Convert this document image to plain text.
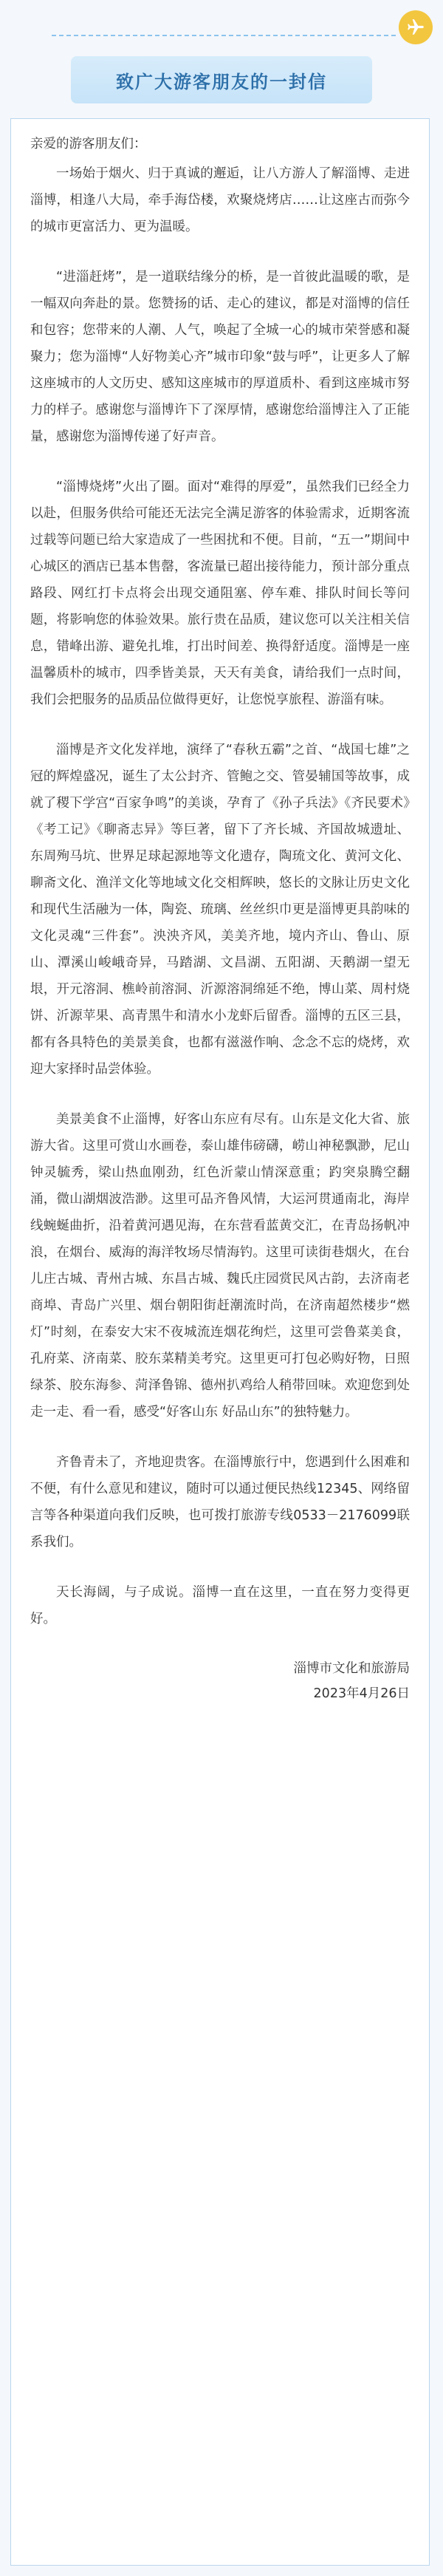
致广大游客朋友的一封信

亲爱的游客朋友们：

一场始于烟火、归于真诚的邂逅，让八方游人了解淄博、走进淄博，相逢八大局，牵手海岱楼，欢聚烧烤店……让这座古而弥今的城市更富活力、更为温暖。

“进淄赶烤”，是一道联结缘分的桥，是一首彼此温暖的歌，是一幅双向奔赴的景。您赞扬的话、走心的建议，都是对淄博的信任和包容；您带来的人潮、人气，唤起了全城一心的城市荣誉感和凝聚力；您为淄博“人好物美心齐”城市印象“鼓与呼”，让更多人了解这座城市的人文历史、感知这座城市的厚道质朴、看到这座城市努力的样子。感谢您与淄博许下了深厚情，感谢您给淄博注入了正能量，感谢您为淄博传递了好声音。

“淄博烧烤”火出了圈。面对“难得的厚爱”，虽然我们已经全力以赴，但服务供给可能还无法完全满足游客的体验需求，近期客流过载等问题已给大家造成了一些困扰和不便。目前，“五一”期间中心城区的酒店已基本售罄，客流量已超出接待能力，预计部分重点路段、网红打卡点将会出现交通阻塞、停车难、排队时间长等问题，将影响您的体验效果。旅行贵在品质，建议您可以关注相关信息，错峰出游、避免扎堆，打出时间差、换得舒适度。淄博是一座温馨质朴的城市，四季皆美景，天天有美食，请给我们一点时间，我们会把服务的品质品位做得更好，让您悦享旅程、游淄有味。

淄博是齐文化发祥地，演绎了“春秋五霸”之首、“战国七雄”之冠的辉煌盛况，诞生了太公封齐、管鲍之交、管晏辅国等故事，成就了稷下学宫“百家争鸣”的美谈，孕育了《孙子兵法》《齐民要术》《考工记》《聊斋志异》等巨著，留下了齐长城、齐国故城遗址、东周殉马坑、世界足球起源地等文化遗存，陶琉文化、黄河文化、聊斋文化、渔洋文化等地域文化交相辉映，悠长的文脉让历史文化和现代生活融为一体，陶瓷、琉璃、丝丝织巾更是淄博更具韵味的文化灵魂“三件套”。泱泱齐风，美美齐地，境内齐山、鲁山、原山、潭溪山峻峨奇异，马踏湖、文昌湖、五阳湖、天鹅湖一望无垠，开元溶洞、樵岭前溶洞、沂源溶洞绵延不绝，博山菜、周村烧饼、沂源苹果、高青黑牛和清水小龙虾后留香。淄博的五区三县，都有各具特色的美景美食，也都有滋滋作响、念念不忘的烧烤，欢迎大家择时品尝体验。

美景美食不止淄博，好客山东应有尽有。山东是文化大省、旅游大省。这里可赏山水画卷，泰山雄伟磅礴，崂山神秘飘渺，尼山钟灵毓秀，梁山热血刚劲，红色沂蒙山情深意重；趵突泉腾空翻涌，微山湖烟波浩渺。这里可品齐鲁风情，大运河贯通南北，海岸线蜿蜒曲折，沿着黄河遇见海，在东营看蓝黄交汇，在青岛扬帆冲浪，在烟台、威海的海洋牧场尽情海钓。这里可读街巷烟火，在台儿庄古城、青州古城、东昌古城、魏氏庄园赏民风古韵，去济南老商埠、青岛广兴里、烟台朝阳街赶潮流时尚，在济南超然楼步“燃灯”时刻，在泰安大宋不夜城流连烟花绚烂，这里可尝鲁菜美食，孔府菜、济南菜、胶东菜精美考究。这里更可打包必购好物，日照绿茶、胶东海参、菏泽鲁锦、德州扒鸡给人稍带回味。欢迎您到处走一走、看一看，感受“好客山东 好品山东”的独特魅力。

齐鲁青未了，齐地迎贵客。在淄博旅行中，您遇到什么困难和不便，有什么意见和建议，随时可以通过便民热线12345、网络留言等各种渠道向我们反映，也可拨打旅游专线0533－2176099联系我们。

天长海阔，与子成说。淄博一直在这里，一直在努力变得更好。

淄博市文化和旅游局
2023年4月26日
